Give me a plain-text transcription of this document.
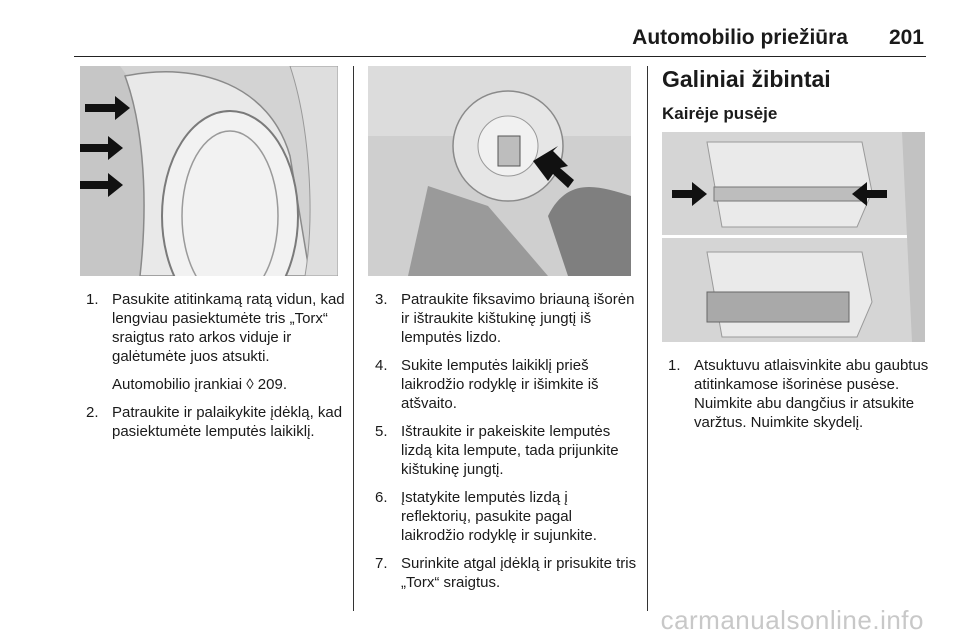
Automobilio priežiūra 201
1. Pasukite atitinkamą ratą vidun, kad lengviau pasiektumėte tris „Torx“ sraigtus rato arkos viduje ir galėtumėte juos atsukti.

Automobilio įrankiai ◊ 209.

2. Patraukite ir palaikykite įdėklą, kad pasiektumėte lemputės laikiklį.

3. Patraukite fiksavimo briauną išorėn ir ištraukite kištukinę jungtį iš lemputės lizdo.

4. Sukite lemputės laikiklį prieš laikrodžio rodyklę ir išimkite iš atšvaito.

5. Ištraukite ir pakeiskite lemputės lizdą kita lempute, tada prijunkite kištukinę jungtį.

6. Įstatykite lemputės lizdą į reflektorių, pasukite pagal laikrodžio rodyklę ir sujunkite.

7. Surinkite atgal įdėklą ir prisukite tris „Torx“ sraigtus.

Galiniai žibintai
Kairėje pusėje
1. Atsuktuvu atlaisvinkite abu gaubtus atitinkamose išorinėse pusėse. Nuimkite abu dangčius ir atsukite varžtus. Nuimkite skydelį.

carmanualsonline.info
